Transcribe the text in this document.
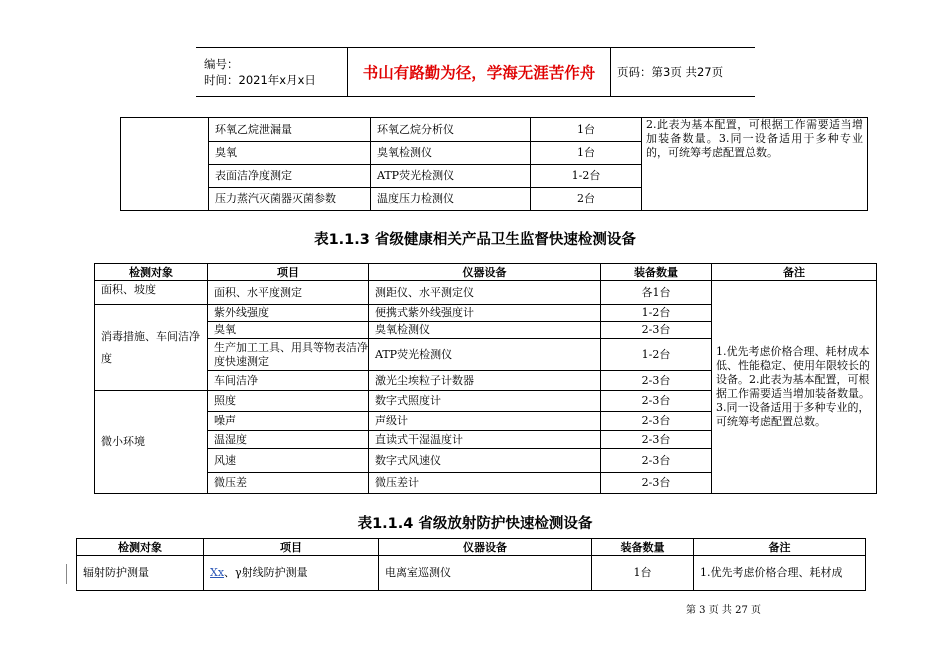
编号：
时间：2021年x月x日	书山有路勤为径，学海无涯苦作舟	页码：第3页 共27页
	环氧乙烷泄漏量	环氧乙烷分析仪	1台	2.此表为基本配置，可根据工作需要适当增加装备数量。3.同一设备适用于多种专业的，可统筹考虑配置总数。
	臭氧	臭氧检测仪	1台	
	表面洁净度测定	ATP荧光检测仪	1-2台	
	压力蒸汽灭菌器灭菌参数	温度压力检测仪	2台	
表1.1.3 省级健康相关产品卫生监督快速检测设备
检测对象	项目	仪器设备	装备数量	备注
面积、坡度	面积、水平度测定	测距仪、水平测定仪	各1台	1.优先考虑价格合理、耗材成本低、性能稳定、使用年限较长的设备。2.此表为基本配置，可根据工作需要适当增加装备数量。3.同一设备适用于多种专业的，可统筹考虑配置总数。
消毒措施、车间洁净度	紫外线强度	便携式紫外线强度计	1-2台	
	臭氧	臭氧检测仪	2-3台	
	生产加工工具、用具等物表洁净度快速测定	ATP荧光检测仪	1-2台	
	车间洁净	激光尘埃粒子计数器	2-3台	
微小环境	照度	数字式照度计	2-3台	
	噪声	声级计	2-3台	
	温湿度	直读式干湿温度计	2-3台	
	风速	数字式风速仪	2-3台	
	微压差	微压差计	2-3台	
表1.1.4 省级放射防护快速检测设备
检测对象	项目	仪器设备	装备数量	备注
辐射防护测量	Xx、γ射线防护测量	电离室巡测仪	1台	1.优先考虑价格合理、耗材成
第 3 页 共 27 页
